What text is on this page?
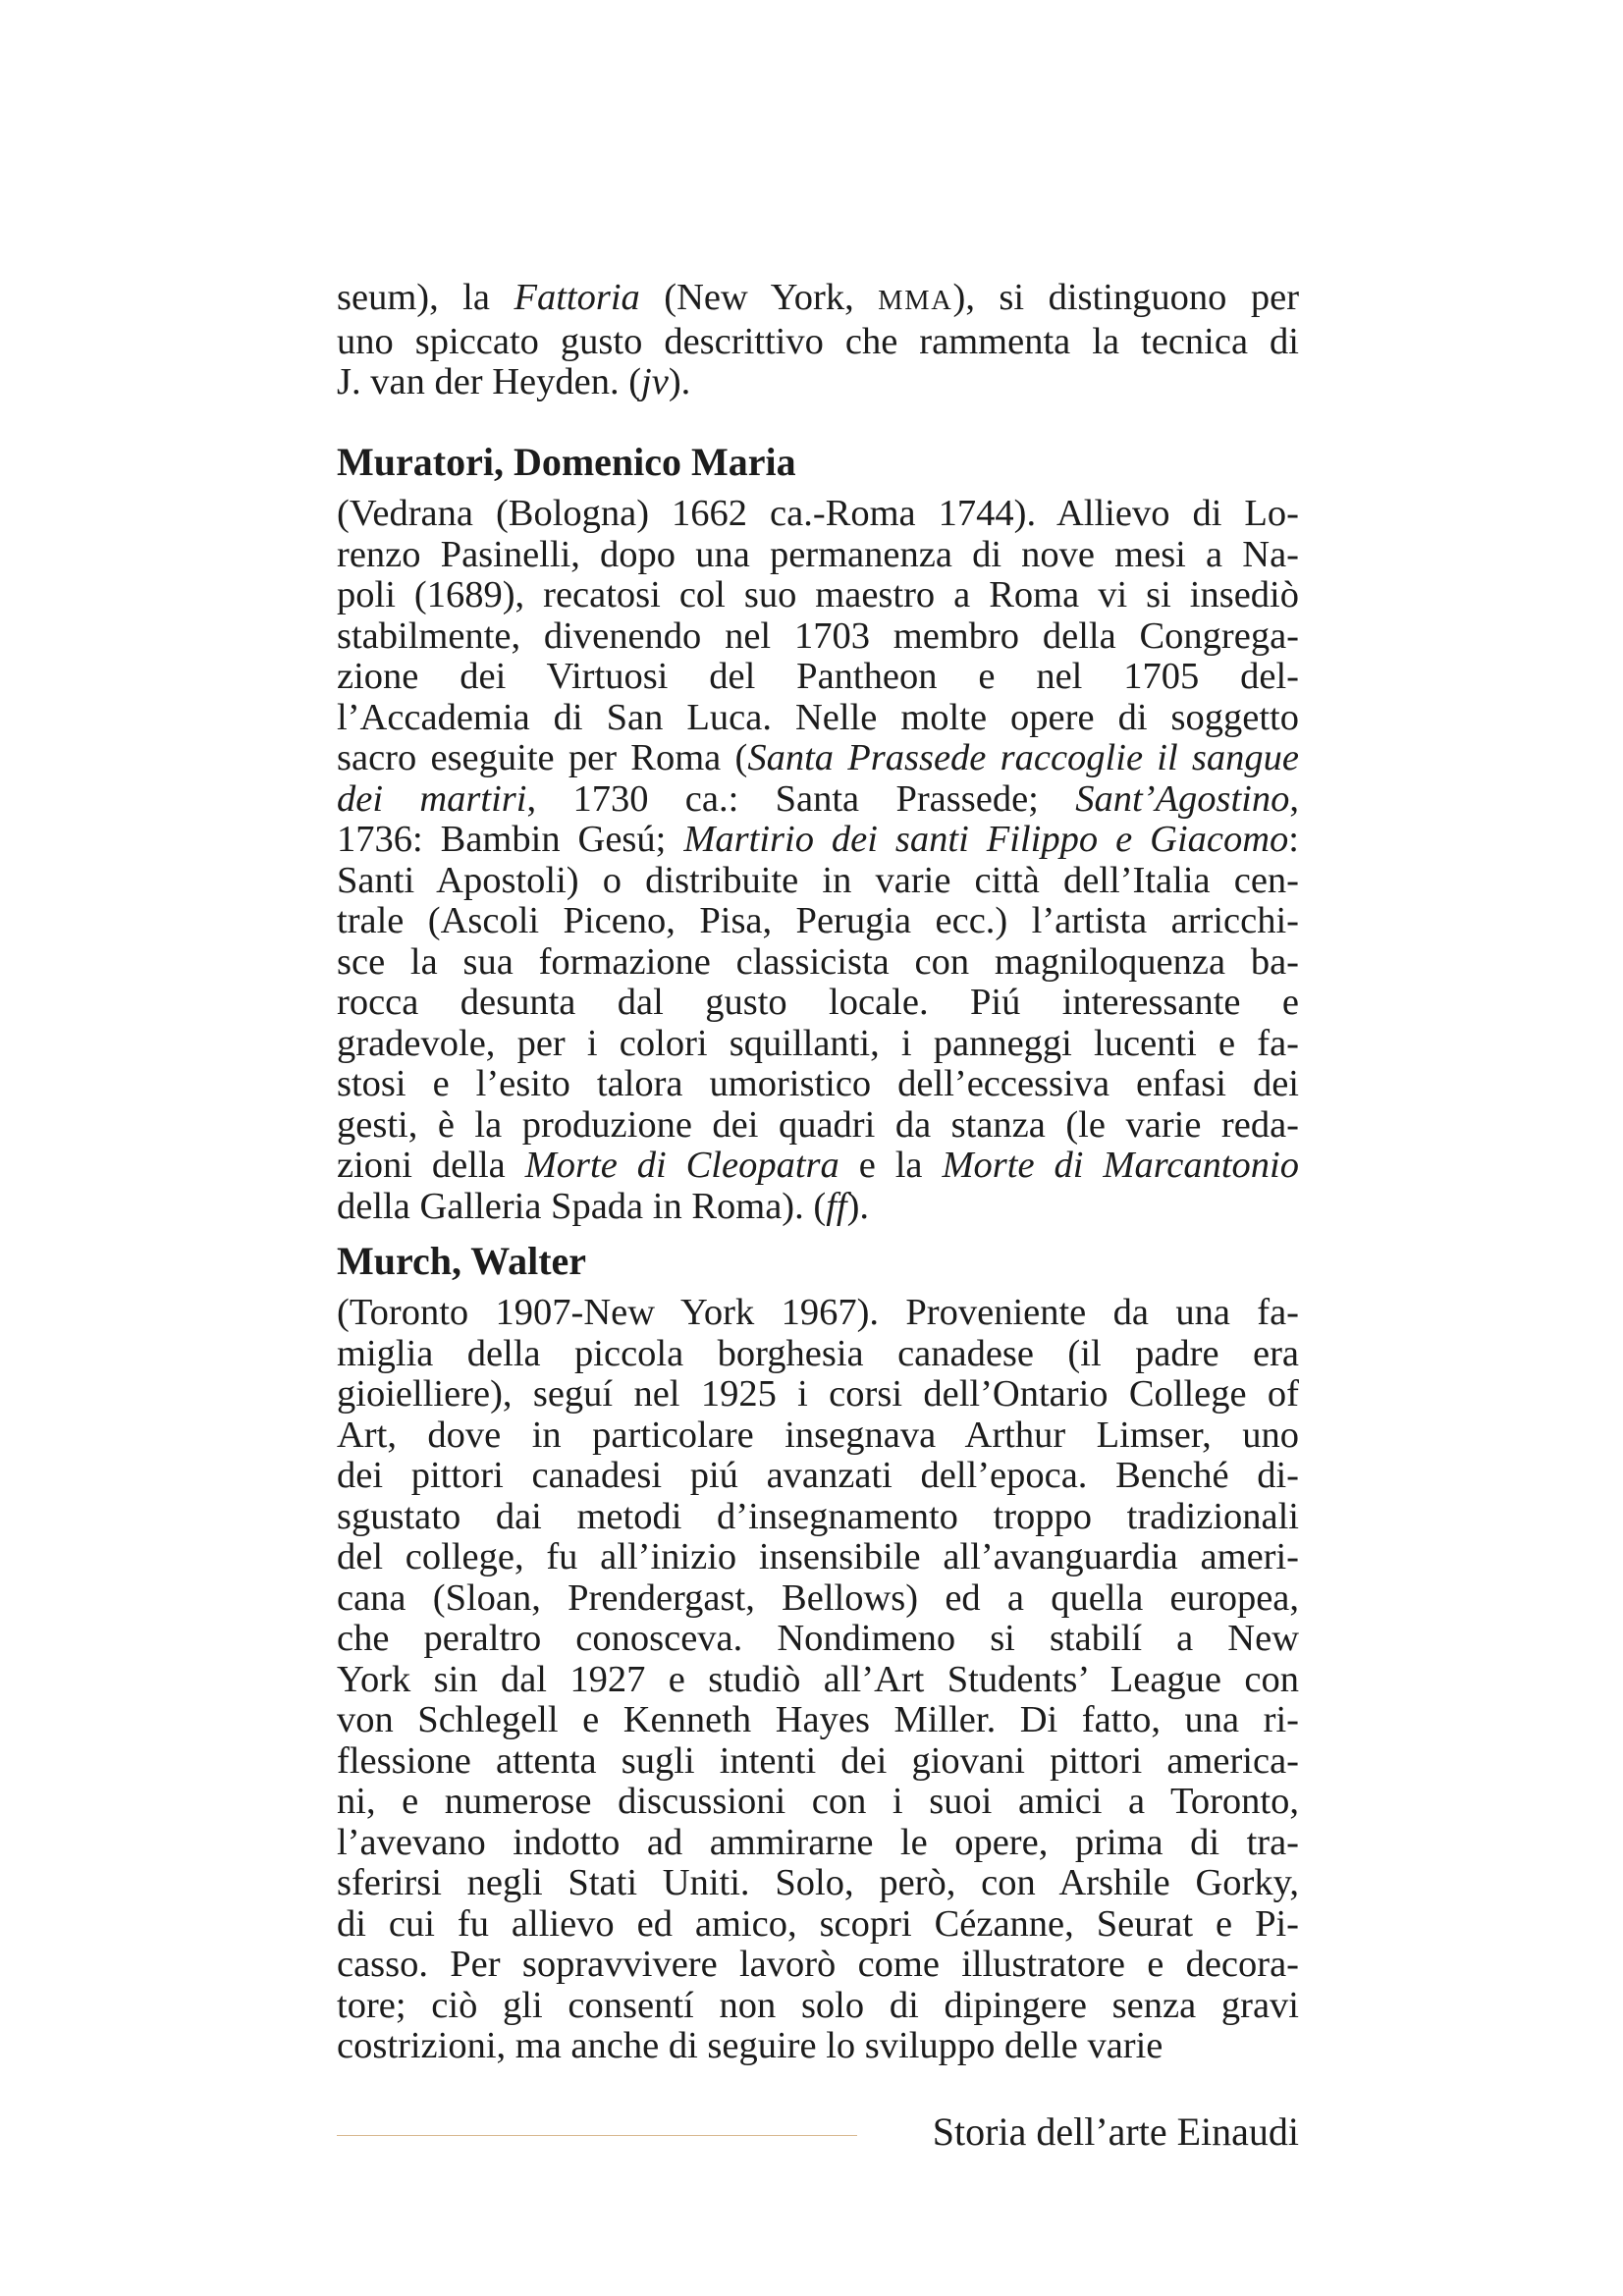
seum), la Fattoria (New York, MMA), si distinguono per
uno spiccato gusto descrittivo che rammenta la tecnica di
J. van der Heyden. (jv).
Muratori, Domenico Maria
(Vedrana (Bologna) 1662 ca.-Roma 1744). Allievo di Lo-
renzo Pasinelli, dopo una permanenza di nove mesi a Na-
poli (1689), recatosi col suo maestro a Roma vi si insediò
stabilmente, divenendo nel 1703 membro della Congrega-
zione dei Virtuosi del Pantheon e nel 1705 del-
l’Accademia di San Luca. Nelle molte opere di soggetto
sacro eseguite per Roma (Santa Prassede raccoglie il sangue
dei martiri, 1730 ca.: Santa Prassede; Sant’Agostino,
1736: Bambin Gesú; Martirio dei santi Filippo e Giacomo:
Santi Apostoli) o distribuite in varie città dell’Italia cen-
trale (Ascoli Piceno, Pisa, Perugia ecc.) l’artista arricchi-
sce la sua formazione classicista con magniloquenza ba-
rocca desunta dal gusto locale. Piú interessante e
gradevole, per i colori squillanti, i panneggi lucenti e fa-
stosi e l’esito talora umoristico dell’eccessiva enfasi dei
gesti, è la produzione dei quadri da stanza (le varie reda-
zioni della Morte di Cleopatra e la Morte di Marcantonio
della Galleria Spada in Roma). (ff).
Murch, Walter
(Toronto 1907-New York 1967). Proveniente da una fa-
miglia della piccola borghesia canadese (il padre era
gioielliere), seguí nel 1925 i corsi dell’Ontario College of
Art, dove in particolare insegnava Arthur Limser, uno
dei pittori canadesi piú avanzati dell’epoca. Benché di-
sgustato dai metodi d’insegnamento troppo tradizionali
del college, fu all’inizio insensibile all’avanguardia ameri-
cana (Sloan, Prendergast, Bellows) ed a quella europea,
che peraltro conosceva. Nondimeno si stabilí a New
York sin dal 1927 e studiò all’Art Students’ League con
von Schlegell e Kenneth Hayes Miller. Di fatto, una ri-
flessione attenta sugli intenti dei giovani pittori america-
ni, e numerose discussioni con i suoi amici a Toronto,
l’avevano indotto ad ammirarne le opere, prima di tra-
sferirsi negli Stati Uniti. Solo, però, con Arshile Gorky,
di cui fu allievo ed amico, scopri Cézanne, Seurat e Pi-
casso. Per sopravvivere lavorò come illustratore e decora-
tore; ciò gli consentí non solo di dipingere senza gravi
costrizioni, ma anche di seguire lo sviluppo delle varie
Storia dell’arte Einaudi
